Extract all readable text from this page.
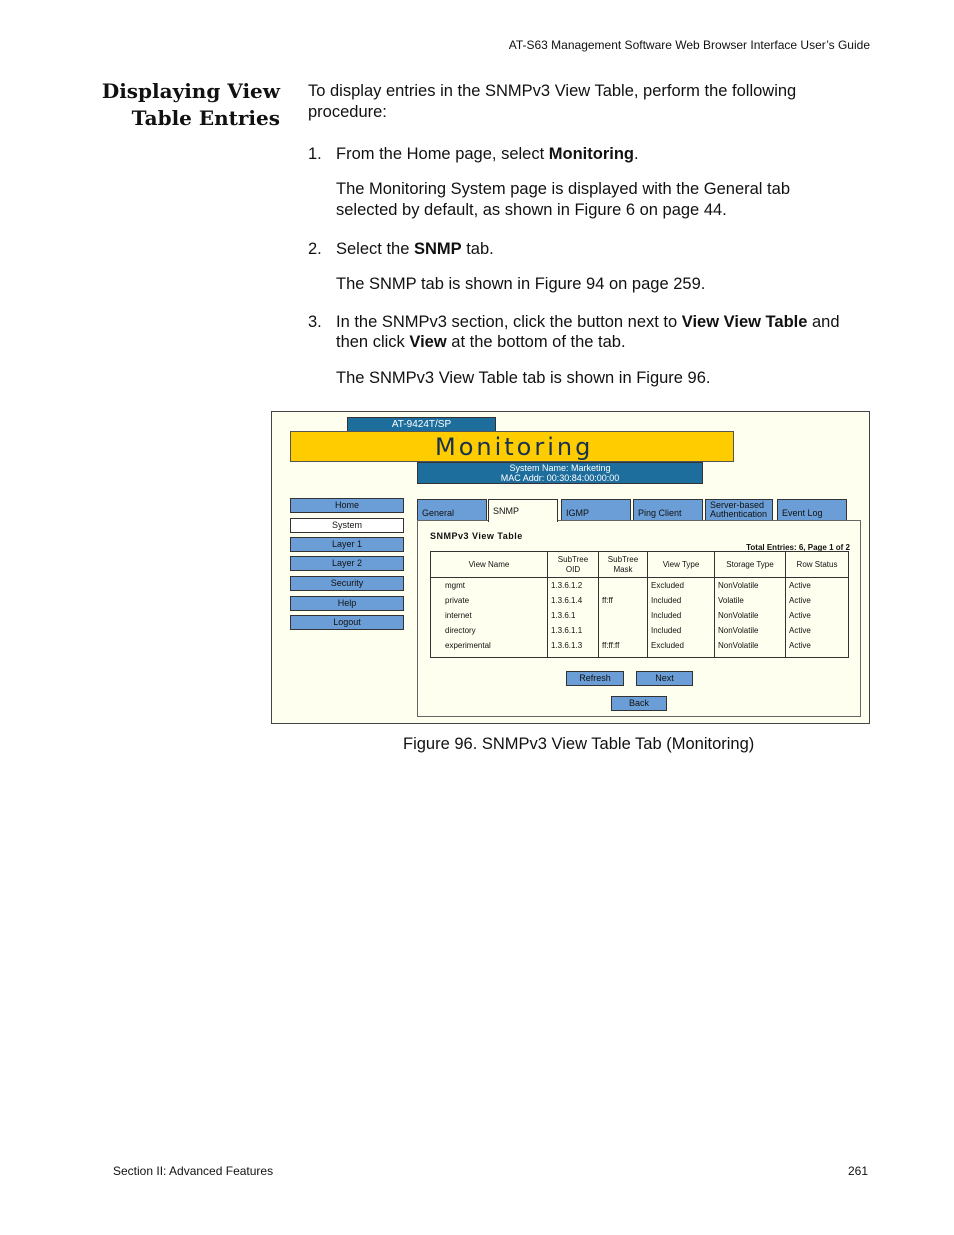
AT-S63 Management Software Web Browser Interface User’s Guide
Displaying View
Table Entries
To display entries in the SNMPv3 View Table, perform the following procedure:
1. From the Home page, select Monitoring.
The Monitoring System page is displayed with the General tab selected by default, as shown in Figure 6 on page 44.
2. Select the SNMP tab.
The SNMP tab is shown in Figure 94 on page 259.
3. In the SNMPv3 section, click the button next to View View Table and
then click View at the bottom of the tab.
The SNMPv3 View Table tab is shown in Figure 96.
AT-9424T/SP
Monitoring
System Name: Marketing
MAC Addr: 00:30:84:00:00:00
Home
System
Layer 1
Layer 2
Security
Help
Logout
General	SNMP	IGMP	Ping Client
Server-based
Authentication Event Log
SNMPv3 View Table
Total Entries: 6, Page 1 of 2
View Name	SubTree OID	SubTree Mask	View Type	Storage Type	Row Status
mgmt	1.3.6.1.2		Excluded	NonVolatile	Active
private	1.3.6.1.4	ff:ff	Included	Volatile	Active
internet	1.3.6.1		Included	NonVolatile	Active
directory	1.3.6.1.1		Included	NonVolatile	Active
experimental	1.3.6.1.3	ff:ff:ff	Excluded	NonVolatile	Active
Refresh	Next
Back
Figure 96. SNMPv3 View Table Tab (Monitoring)
Section II: Advanced Features	261
